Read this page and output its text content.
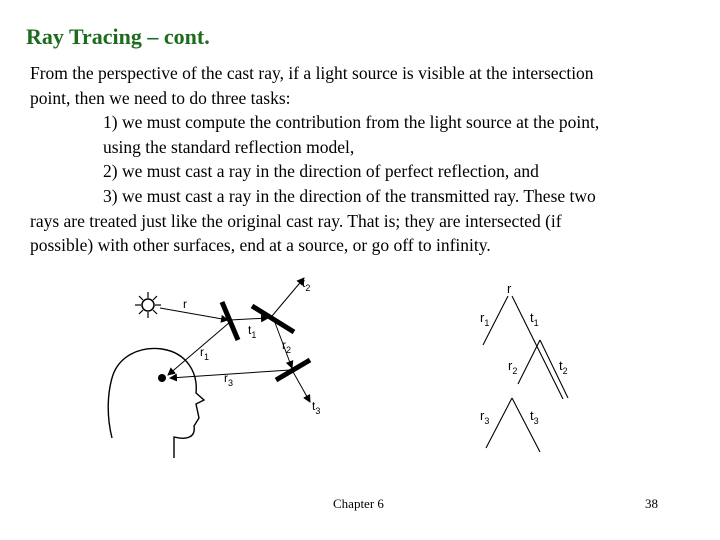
Ray Tracing – cont.
From the perspective of the cast ray, if a light source is visible at the intersection
point, then we need to do three tasks:
1) we must compute the contribution from the light source at the point,
using the standard reflection model,
2) we must cast a ray in the direction of perfect reflection, and
3) we must cast a ray in the direction of the transmitted ray. These two
rays are treated just like the original cast ray. That is; they are intersected (if
possible) with other surfaces, end at a source, or go off to infinity.
r
$r_1$
$r_2$
$r_3$
$t_1$
$t_2$
$t_3$
r
$r_1$	$t_1$
$r_2$	$t_2$
$r_3$	$t_3$
Chapter 6	38
